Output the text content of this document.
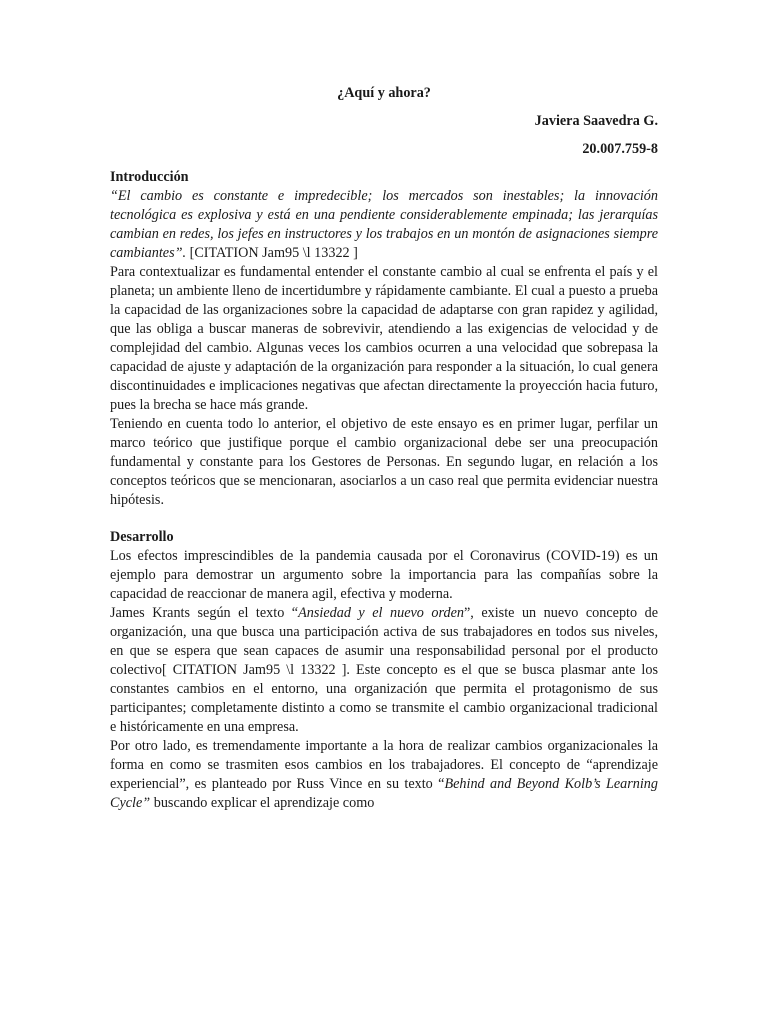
¿Aquí y ahora?

Javiera Saavedra G.

20.007.759-8

Introducción

“El cambio es constante e impredecible; los mercados son inestables; la innovación tecnológica es explosiva y está en una pendiente considerablemente empinada; las jerarquías cambian en redes, los jefes en instructores y los trabajos en un montón de asignaciones siempre cambiantes”. [CITATION Jam95 \l 13322 ]

Para contextualizar es fundamental entender el constante cambio al cual se enfrenta el país y el planeta; un ambiente lleno de incertidumbre y rápidamente cambiante. El cual a puesto a prueba la capacidad de las organizaciones sobre la capacidad de adaptarse con gran rapidez y agilidad, que las obliga a buscar maneras de sobrevivir, atendiendo a las exigencias de velocidad y de complejidad del cambio. Algunas veces los cambios ocurren a una velocidad que sobrepasa la capacidad de ajuste y adaptación de la organización para responder a la situación, lo cual genera discontinuidades e implicaciones negativas que afectan directamente la proyección hacia futuro, pues la brecha se hace más grande.

Teniendo en cuenta todo lo anterior, el objetivo de este ensayo es en primer lugar, perfilar un marco teórico que justifique porque el cambio organizacional debe ser una preocupación fundamental y constante para los Gestores de Personas. En segundo lugar, en relación a los conceptos teóricos que se mencionaran, asociarlos a un caso real que permita evidenciar nuestra hipótesis.

Desarrollo

Los efectos imprescindibles de la pandemia causada por el Coronavirus (COVID-19) es un ejemplo para demostrar un argumento sobre la importancia para las compañías sobre la capacidad de reaccionar de manera agil, efectiva y moderna.

James Krants según el texto “Ansiedad y el nuevo orden”, existe un nuevo concepto de organización, una que busca una participación activa de sus trabajadores en todos sus niveles, en que se espera que sean capaces de asumir una responsabilidad personal por el producto colectivo[ CITATION Jam95 \l 13322 ]. Este concepto es el que se busca plasmar ante los constantes cambios en el entorno, una organización que permita el protagonismo de sus participantes; completamente distinto a como se transmite el cambio organizacional tradicional e históricamente en una empresa.

Por otro lado, es tremendamente importante a la hora de realizar cambios organizacionales la forma en como se trasmiten esos cambios en los trabajadores. El concepto de “aprendizaje experiencial”, es planteado por Russ Vince en su texto “Behind and Beyond Kolb’s Learning Cycle” buscando explicar el aprendizaje como
